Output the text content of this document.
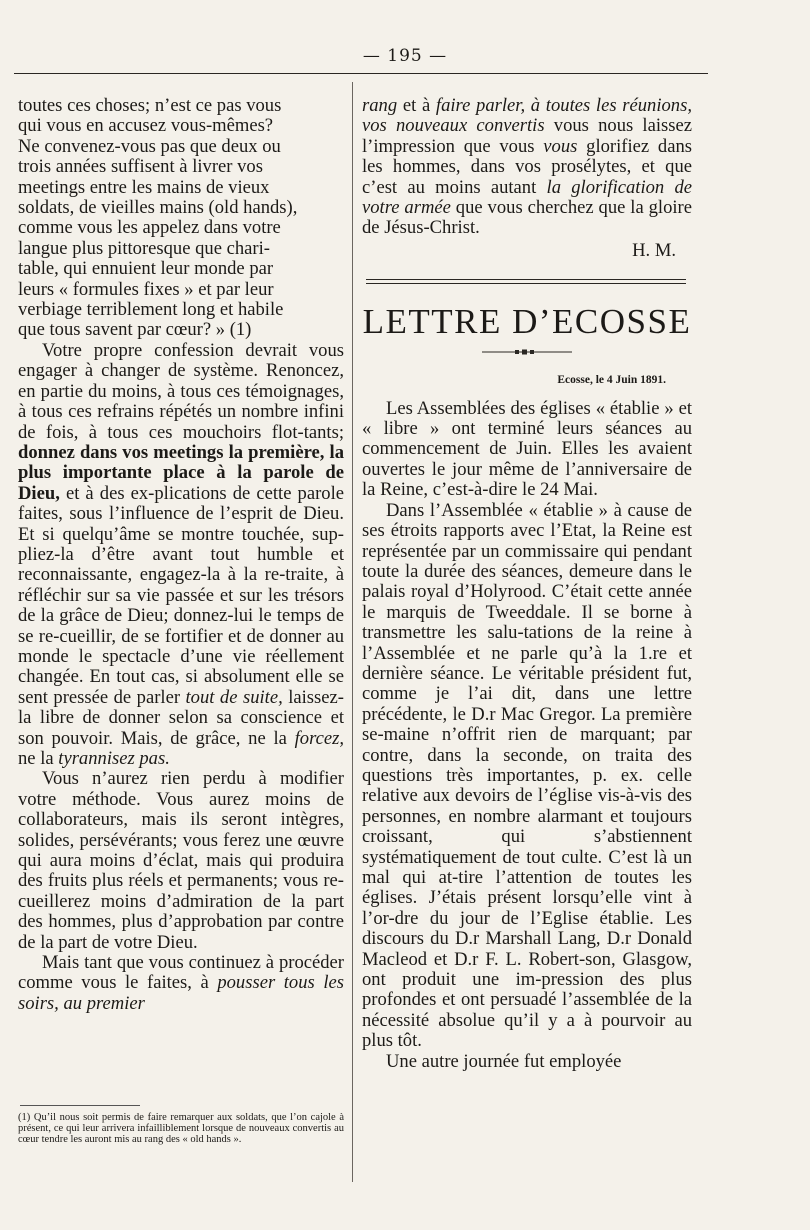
— 195 —

toutes ces choses; n’est ce pas vous
qui vous en accusez vous-mêmes?
Ne convenez-vous pas que deux ou
trois années suffisent à livrer vos
meetings entre les mains de vieux
soldats, de vieilles mains (old hands),
comme vous les appelez dans votre
langue plus pittoresque que chari-
table, qui ennuient leur monde par
leurs « formules fixes » et par leur
verbiage terriblement long et habile
que tous savent par cœur? » (1)

Votre propre confession devrait vous engager à changer de système. Renoncez, en partie du moins, à tous ces témoignages, à tous ces refrains répétés un nombre infini de fois, à tous ces mouchoirs flot-tants; donnez dans vos meetings la première, la plus importante place à la parole de Dieu, et à des ex-plications de cette parole faites, sous l’influence de l’esprit de Dieu. Et si quelqu’âme se montre touchée, sup-pliez-la d’être avant tout humble et reconnaissante, engagez-la à la re-traite, à réfléchir sur sa vie passée et sur les trésors de la grâce de Dieu; donnez-lui le temps de se re-cueillir, de se fortifier et de donner au monde le spectacle d’une vie réellement changée. En tout cas, si absolument elle se sent pressée de parler tout de suite, laissez-la libre de donner selon sa conscience et son pouvoir. Mais, de grâce, ne la forcez, ne la tyrannisez pas.

Vous n’aurez rien perdu à modifier votre méthode. Vous aurez moins de collaborateurs, mais ils seront intègres, solides, persévérants; vous ferez une œuvre qui aura moins d’éclat, mais qui produira des fruits plus réels et permanents; vous re-cueillerez moins d’admiration de la part des hommes, plus d’approbation par contre de la part de votre Dieu.

Mais tant que vous continuez à procéder comme vous le faites, à pousser tous les soirs, au premier

(1) Qu’il nous soit permis de faire remarquer aux soldats, que l’on cajole à présent, ce qui leur arrivera infailliblement lorsque de nouveaux convertis au cœur tendre les auront mis au rang des « old hands ».

rang et à faire parler, à toutes les réunions, vos nouveaux convertis vous nous laissez l’impression que vous vous glorifiez dans les hommes, dans vos prosélytes, et que c’est au moins autant la glorification de votre armée que vous cherchez que la gloire de Jésus-Christ.

H. M.
LETTRE D’ECOSSE
Ecosse, le 4 Juin 1891.

Les Assemblées des églises « établie » et « libre » ont terminé leurs séances au commencement de Juin. Elles les avaient ouvertes le jour même de l’anniversaire de la Reine, c’est-à-dire le 24 Mai.

Dans l’Assemblée « établie » à cause de ses étroits rapports avec l’Etat, la Reine est représentée par un commissaire qui pendant toute la durée des séances, demeure dans le palais royal d’Holyrood. C’était cette année le marquis de Tweeddale. Il se borne à transmettre les salu-tations de la reine à l’Assemblée et ne parle qu’à la 1.re et dernière séance. Le véritable président fut, comme je l’ai dit, dans une lettre précédente, le D.r Mac Gregor. La première se-maine n’offrit rien de marquant; par contre, dans la seconde, on traita des questions très importantes, p. ex. celle relative aux devoirs de l’église vis-à-vis des personnes, en nombre alarmant et toujours croissant, qui s’abstiennent systématiquement de tout culte. C’est là un mal qui at-tire l’attention de toutes les églises. J’étais présent lorsqu’elle vint à l’or-dre du jour de l’Eglise établie. Les discours du D.r Marshall Lang, D.r Donald Macleod et D.r F. L. Robert-son, Glasgow, ont produit une im-pression des plus profondes et ont persuadé l’assemblée de la nécessité absolue qu’il y a à pourvoir au plus tôt.

Une autre journée fut employée
